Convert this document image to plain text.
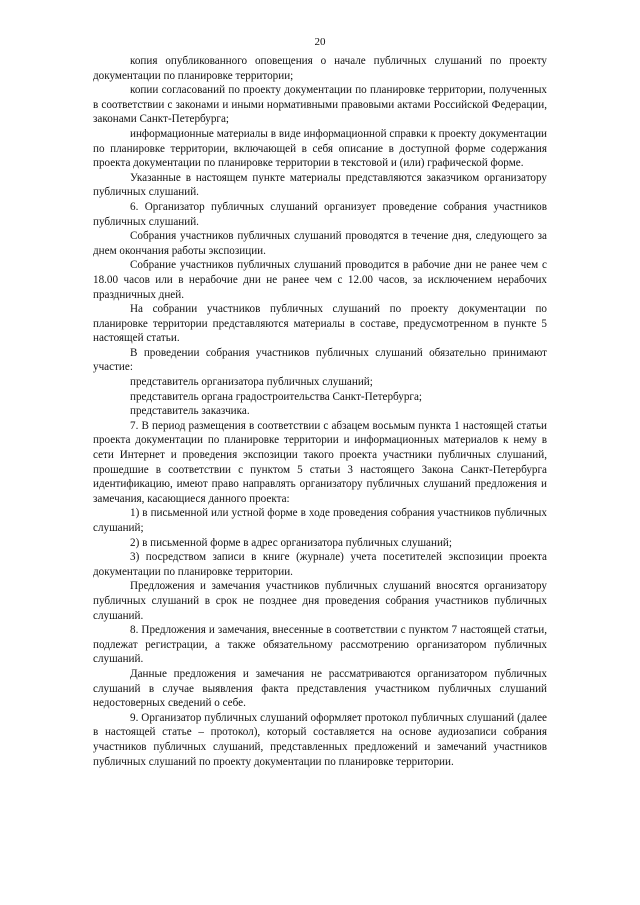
20

копия опубликованного оповещения о начале публичных слушаний по проекту документации по планировке территории;

копии согласований по проекту документации по планировке территории, полученных в соответствии с законами и иными нормативными правовыми актами Российской Федерации, законами Санкт-Петербурга;

информационные материалы в виде информационной справки к проекту документации по планировке территории, включающей в себя описание в доступной форме содержания проекта документации по планировке территории в текстовой и (или) графической форме.

Указанные в настоящем пункте материалы представляются заказчиком организатору публичных слушаний.

6. Организатор публичных слушаний организует проведение собрания участников публичных слушаний.

Собрания участников публичных слушаний проводятся в течение дня, следующего за днем окончания работы экспозиции.

Собрание участников публичных слушаний проводится в рабочие дни не ранее чем с 18.00 часов или в нерабочие дни не ранее чем с 12.00 часов, за исключением нерабочих праздничных дней.

На собрании участников публичных слушаний по проекту документации по планировке территории представляются материалы в составе, предусмотренном в пункте 5 настоящей статьи.

В проведении собрания участников публичных слушаний обязательно принимают участие:

представитель организатора публичных слушаний;

представитель органа градостроительства Санкт-Петербурга;

представитель заказчика.

7. В период размещения в соответствии с абзацем восьмым пункта 1 настоящей статьи проекта документации по планировке территории и информационных материалов к нему в сети Интернет и проведения экспозиции такого проекта участники публичных слушаний, прошедшие в соответствии с пунктом 5 статьи 3 настоящего Закона Санкт-Петербурга идентификацию, имеют право направлять организатору публичных слушаний предложения и замечания, касающиеся данного проекта:

1) в письменной или устной форме в ходе проведения собрания участников публичных слушаний;

2) в письменной форме в адрес организатора публичных слушаний;

3) посредством записи в книге (журнале) учета посетителей экспозиции проекта документации по планировке территории.

Предложения и замечания участников публичных слушаний вносятся организатору публичных слушаний в срок не позднее дня проведения собрания участников публичных слушаний.

8. Предложения и замечания, внесенные в соответствии с пунктом 7 настоящей статьи, подлежат регистрации, а также обязательному рассмотрению организатором публичных слушаний.

Данные предложения и замечания не рассматриваются организатором публичных слушаний в случае выявления факта представления участником публичных слушаний недостоверных сведений о себе.

9. Организатор публичных слушаний оформляет протокол публичных слушаний (далее в настоящей статье – протокол), который составляется на основе аудиозаписи собрания участников публичных слушаний, представленных предложений и замечаний участников публичных слушаний по проекту документации по планировке территории.
